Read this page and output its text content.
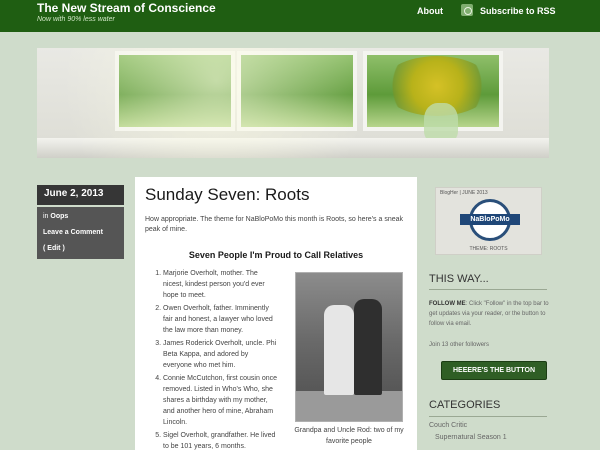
The New Stream of Conscience
Now with 90% less water
About	Subscribe to RSS
June 2, 2013
in Oops
Leave a Comment
( Edit )
Sunday Seven: Roots
How appropriate. The theme for NaBloPoMo this month is Roots, so here's a sneak peak of mine.
Seven People I'm Proud to Call Relatives
1. Marjorie Overholt, mother. The nicest, kindest person you'd ever hope to meet.
2. Owen Overholt, father. Imminently fair and honest, a lawyer who loved the law more than money.
3. James Roderick Overholt, uncle. Phi Beta Kappa, and adored by everyone who met him.
4. Connie McCutchon, first cousin once removed. Listed in Who's Who, she shares a birthday with my mother, and another hero of mine, Abraham Lincoln.
5. Sigel Overholt, grandfather. He lived to be 101 years, 6 months.
Grandpa and Uncle Rod: two of my favorite people
BlogHer | JUNE 2013
NaBloPoMo
THEME: ROOTS
THIS WAY...
FOLLOW ME: Click "Follow" in the top bar to get updates via your reader, or the button to follow via email.
Join 13 other followers
HEEERE'S THE BUTTON
CATEGORIES
Couch Critic
Supernatural Season 1
